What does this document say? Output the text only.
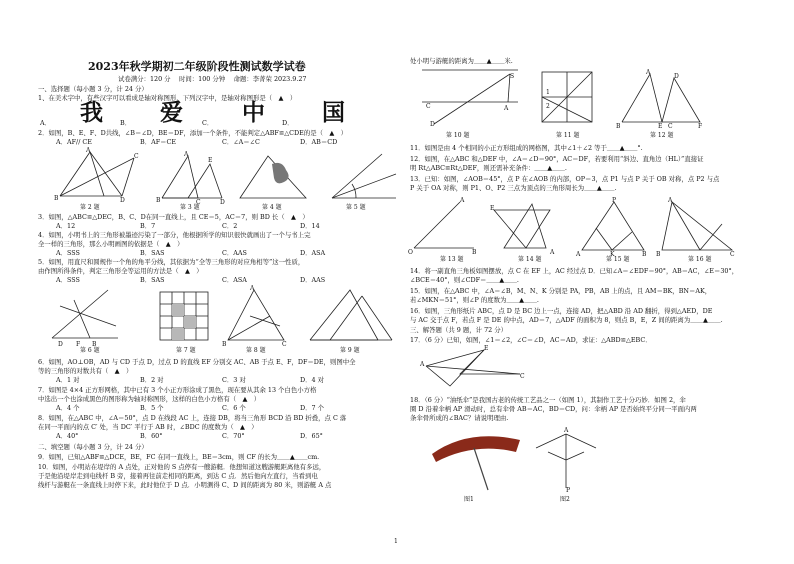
2023年秋学期初二年级阶段性测试数学试卷
试卷满分：120 分　 时间：100 分钟　 命题：李菁荣 2023.9.27
一、选择题（每小题 3 分，计 24 分）
1、在美术字中，有些汉字可以看成是轴对称图形．下列汉字中，是轴对称图形是（　▲　）
我 爱	中 国
A．	B．	C．	D．
2．如图，B、E、F、D共线，∠B＝∠D，BE＝DF，添加一个条件，不能判定△ABF≌△CDE的是（　▲　）
A．AF// CE	B．AF＝CE	C．∠A＝∠C	D．AB＝CD
B
A
D
C
B
A
C
E
D
第 2 题	第 3 题	第 4 题	第 5 题
3．如图，△ABC≌△DEC，B、C、D在同一直线上，且 CE＝5，AC＝7，则 BD 长（　▲　）
A．12	B．7	C．2	D．14
4．如图，小明书上的三角形被墨迹污染了一部分，他根据所学的知识很快就画出了一个与书上完
全一样的三角形，那么小明画图的依据是（　▲　）
A．SSS	B．SAS	C．AAS	D．ASA
5．如图，用直尺和圆规作一个角的角平分线，其依据为“全等三角形的对应角相等”这一性质，
由作图所得条件，判定三角形全等运用的方法是（　▲　）
A．SSS	B．SAS	C．ASA	D．AAS
D F B
A
B	C
第 6 题	第 7 题	第 8 题	第 9 题
6．如图，AO⊥OB，AD 与 CD 于点 D，过点 D 的直线 EF 分别交 AC、AB 于点 E、F，DF＝DE，则图中全
等的三角形的对数共有（　▲　）
A．1 对	B．2 对	C．3 对	D．4 对
7．如图是 4×4 正方形网格，其中已有 3 个小正方形涂成了黑色，现在要从其余 13 个白色小方格
中选出一个也涂成黑色的图形称为轴对称图形，这样的白色小方格有（　▲　）
A．4 个	B．5 个	C．6 个	D．7 个
8．如图，在△ABC 中，∠A＝50°，点 D 在线段 AC 上，连接 DB，将当三角形 BCD 沿 BD 折叠，点 C 落
在同一平面内的点 C′ 处，当 DC′ 平行于 AB 时，∠BDC 的度数为（　▲　）
A．40°	B．60°	C．70°	D．65°
二、填空题（每小题 3 分，计 24 分）
9．如图，已知△ABF≌△DCE，BE，FC 在同一直线上，BE＝3cm，则 CF 的长为＿＿▲＿＿cm.
10．如图，小明站在堤岸的 A 点处，正对他的 S 点停有一艘游艇．他想知道这艘游艇距离他有多远，
于是他沿堤岸走到电线杆 B 旁，接着再往前走相同的距离，到达 C 点．然后他向左直行，当看到电
线杆与游艇在一条直线上时停下来，此时他位于 D 点．小明测得 C、D 间的距离为 80 米，则游艇 A 点
处小明与游艇的距离为＿＿▲＿＿米.
S
C	A
D
1
2
A
D
B	E C	F
第 10 题	第 11 题	第 12 题
11．如图是由 4 个相同的小正方形组成的网格图，其中∠1＋∠2 等于＿＿▲＿＿°.
12．如图，在△ABC 和△DEF 中，∠A＝∠D＝90°，AC＝DF，若要利用“斜边、直角边（HL）”直接证
明 Rt△ABC≌Rt△DEF，则还需补充条件：＿＿▲＿＿.
13．已知：如图，∠AOB＝45°，点 P 在∠AOB 的内部，OP＝3，点 P1 与点 P 关于 OB 对称，点 P2 与点
P 关于 OA 对称，则 P1、O、P2 三点为顶点的三角形周长为＿＿▲＿＿.
O	B
A
E
A	A	K	B
P	A
B	C
第 13 题	第 14 题	第 15 题	第 16 题
14．将一副直角三角板如图摆放，点 C 在 EF 上，AC 经过点 D．已知∠A＝∠EDF＝90°，AB＝AC，∠E＝30°，
∠BCE＝40°，则∠CDF＝＿＿▲＿＿.
15．如图，在△ABC 中，∠A＝∠B，M、N、K 分别是 PA，PB，AB 上的点，且 AM＝BK，BN＝AK，
若∠MKN＝51°，则∠P 的度数为＿＿▲＿＿.
16．如图，三角形纸片 ABC，点 D 是 BC 边上一点，连接 AD，把△ABD 沿 AD 翻折，得到△AED，DE
与 AC 交于点 F，若点 F 是 DE 的中点，AD＝7，△ADF 的面积为 8，则点 B，E，Z 间的距离为＿＿▲＿＿.
三、解答题（共 9 题，计 72 分）
17．（6 分）已知，如图，∠1＝∠2，∠C＝∠D，AC＝AD，求证：△ABD≌△EBC．
A
E
C
18．（6 分）“油纸伞”是我国古老的传统工艺品之一（如图 1），其制作工艺十分巧妙．如图 2，伞
圈 D 沿着伞柄 AP 滑动时，总有伞骨 AB＝AC，BD＝CD，问：伞柄 AP 是否始终平分同一平面内两
条伞骨所成的∠BAC？请说明理由.
A
P
图1	图2
1
